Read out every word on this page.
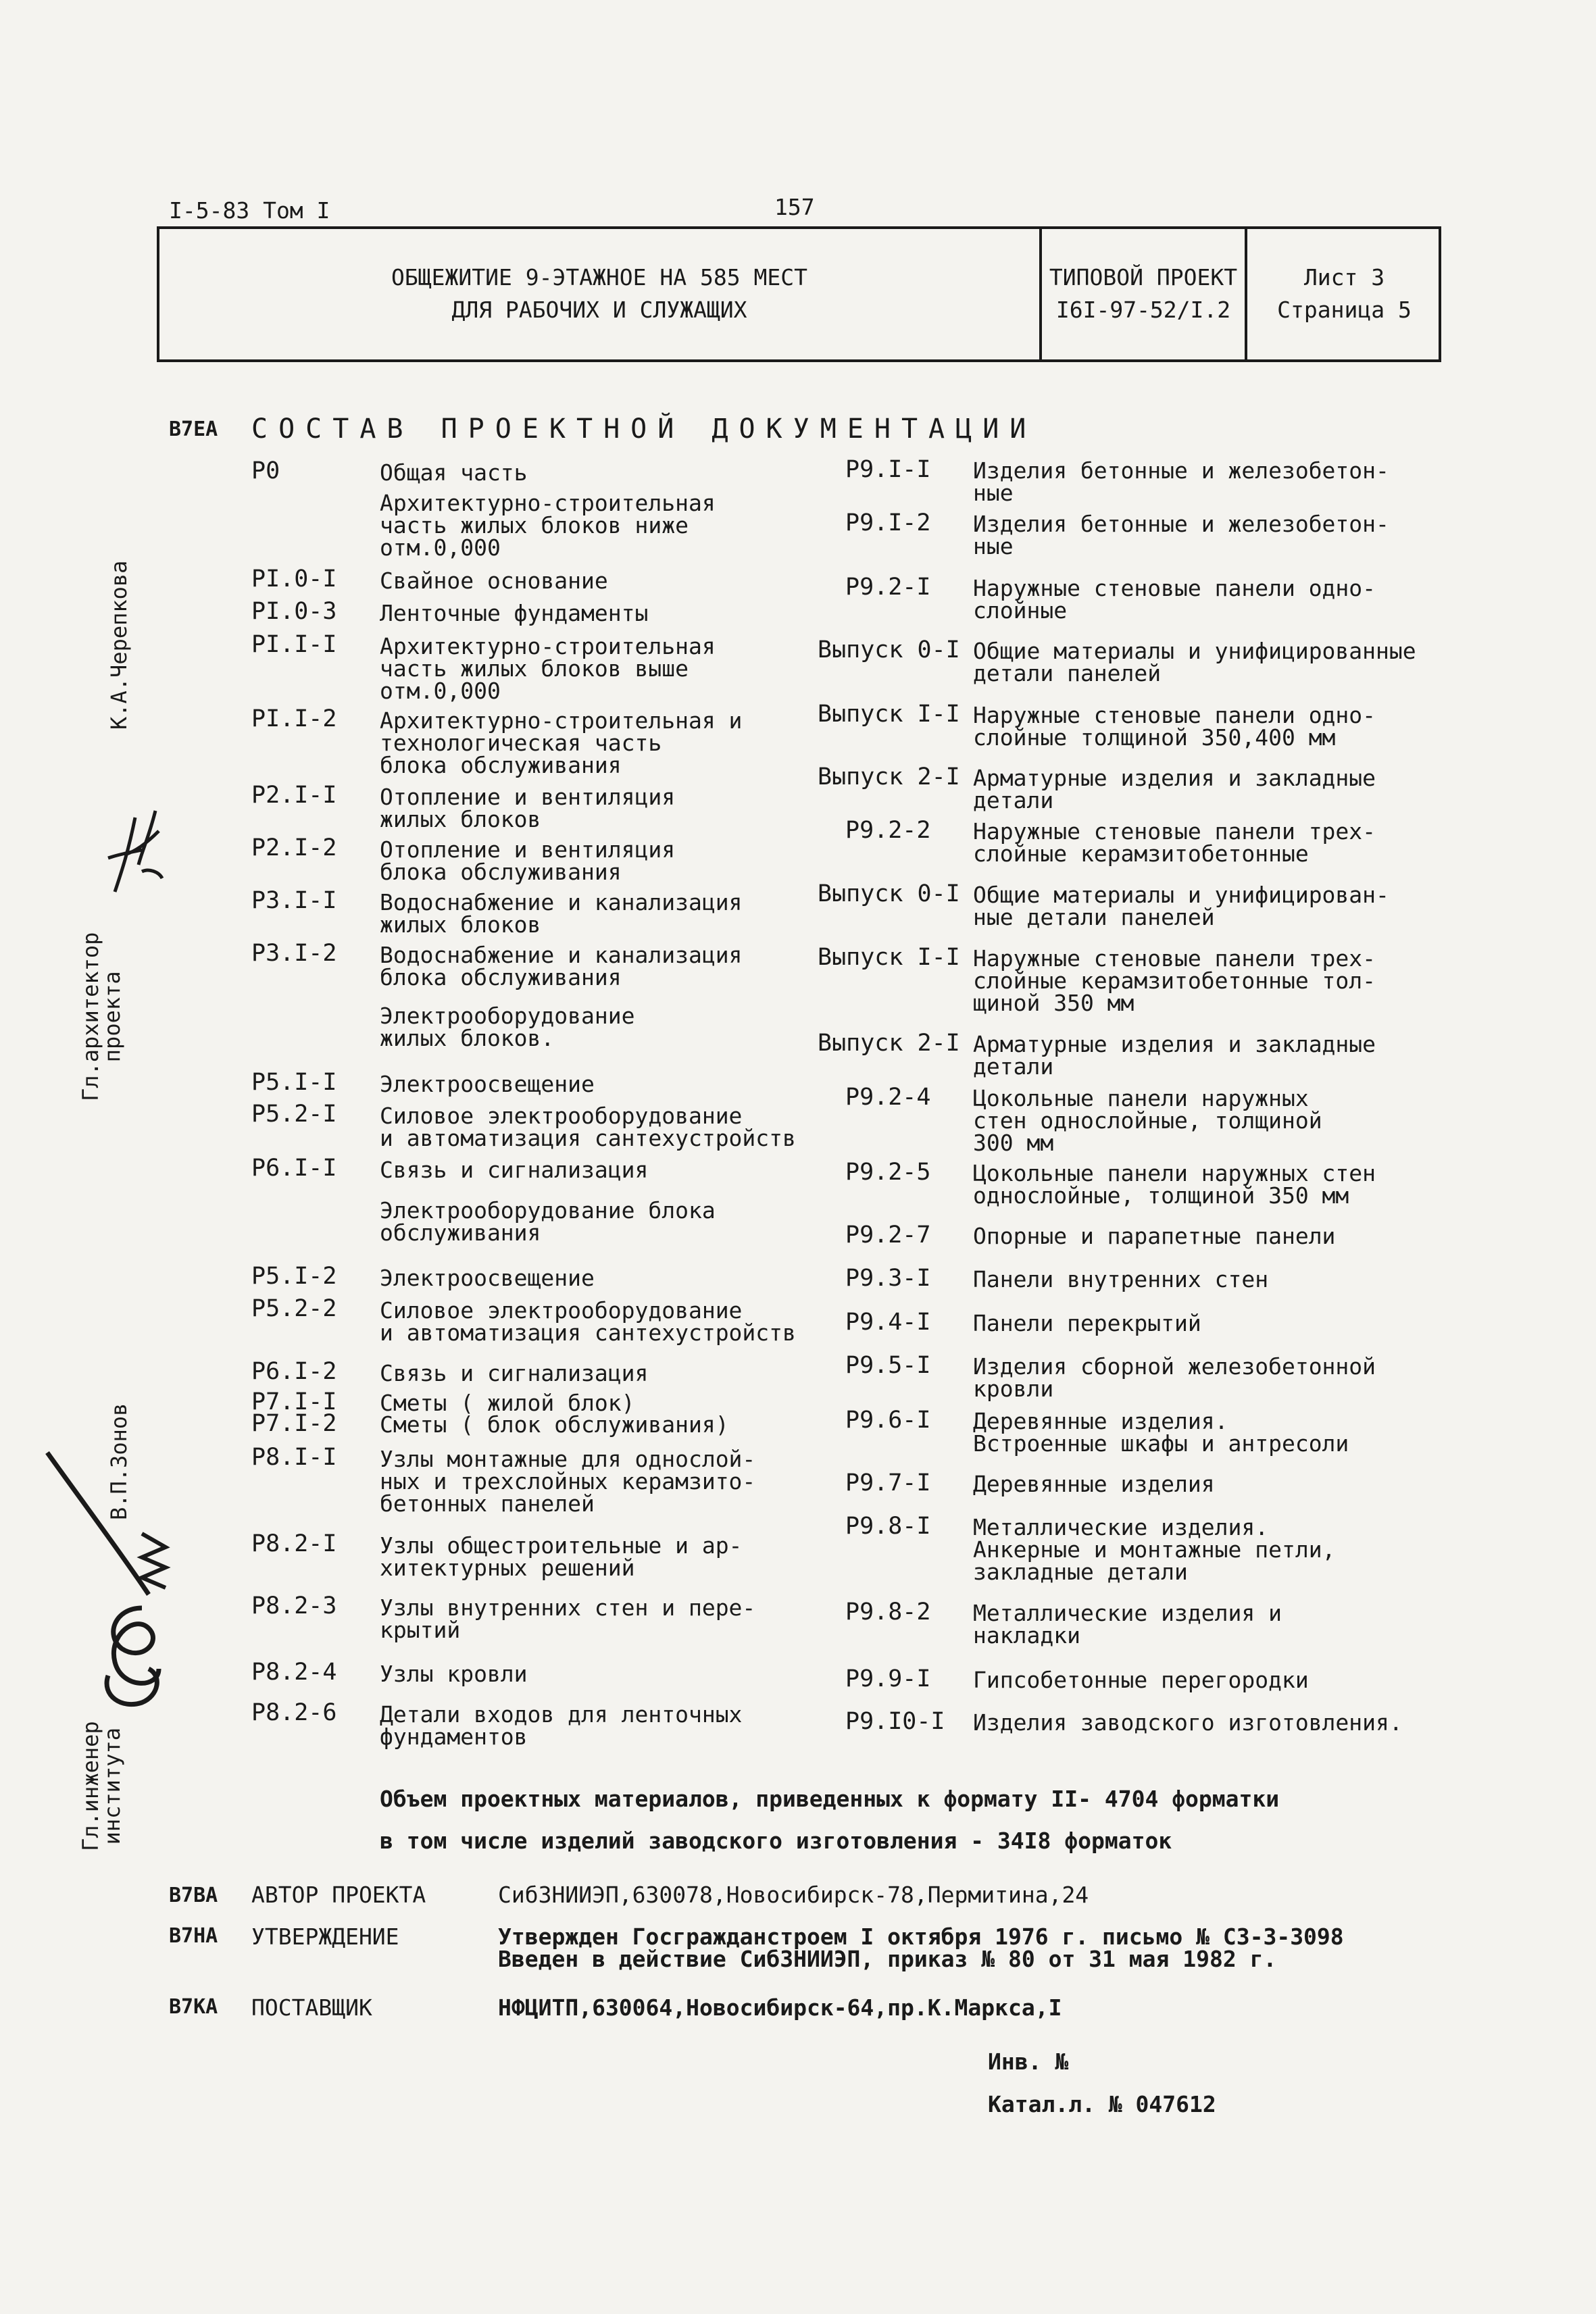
I-5-83 Том I	157
ОБЩЕЖИТИЕ 9-ЭТАЖНОЕ НА 585 МЕСТ
ДЛЯ РАБОЧИХ И СЛУЖАЩИХ
ТИПОВОЙ ПРОЕКТ
I6I-97-52/I.2
Лист 3
Страница 5
К.А.Черепкова
Гл.архитектор
проекта
В.П.Зонов
Гл.инженер
института
В7ЕА СОСТАВ ПРОЕКТНОЙ ДОКУМЕНТАЦИИ
Р0	Общая часть
Архитектурно-строительная
часть жилых блоков ниже
отм.0,000
PI.0-I Свайное основание
PI.0-3 Ленточные фундаменты
PI.I-I Архитектурно-строительная
часть жилых блоков выше
отм.0,000
PI.I-2 Архитектурно-строительная и
технологическая часть
блока обслуживания
P2.I-I Отопление и вентиляция
жилых блоков
P2.I-2 Отопление и вентиляция
блока обслуживания
P3.I-I Водоснабжение и канализация
жилых блоков
P3.I-2 Водоснабжение и канализация
блока обслуживания
Электрооборудование
жилых блоков.
P5.I-I Электроосвещение
P5.2-I Силовое электрооборудование
и автоматизация сантехустройств
P6.I-I Связь и сигнализация
Электрооборудование блока
обслуживания
P5.I-2 Электроосвещение
P5.2-2 Силовое электрооборудование
и автоматизация сантехустройств
P6.I-2 Связь и сигнализация
P7.I-I Сметы ( жилой блок)
P7.I-2 Сметы ( блок обслуживания)
P8.I-I Узлы монтажные для однослой-
ных и трехслойных керамзито-
бетонных панелей
P8.2-I Узлы общестроительные и ар-
хитектурных решений
P8.2-3 Узлы внутренних стен и пере-
крытий
P8.2-4 Узлы кровли
P8.2-6 Детали входов для ленточных
фундаментов
P9.I-I Изделия бетонные и железобетон-
ные
P9.I-2 Изделия бетонные и железобетон-
ные
P9.2-I Наружные стеновые панели одно-
слойные
Выпуск 0-I Общие материалы и унифицированные
детали панелей
Выпуск I-I Наружные стеновые панели одно-
слойные толщиной 350,400 мм
Выпуск 2-I Арматурные изделия и закладные
детали
P9.2-2 Наружные стеновые панели трех-
слойные керамзитобетонные
Выпуск 0-I Общие материалы и унифицирован-
ные детали панелей
Выпуск I-I Наружные стеновые панели трех-
слойные керамзитобетонные тол-
щиной 350 мм
Выпуск 2-I Арматурные изделия и закладные
детали
P9.2-4 Цокольные панели наружных
стен однослойные, толщиной
300 мм
P9.2-5 Цокольные панели наружных стен
однослойные, толщиной 350 мм
P9.2-7 Опорные и парапетные панели
P9.3-I Панели внутренних стен
P9.4-I Панели перекрытий
P9.5-I Изделия сборной железобетонной
кровли
P9.6-I Деревянные изделия.
Встроенные шкафы и антресоли
P9.7-I Деревянные изделия
P9.8-I Металлические изделия.
Анкерные и монтажные петли,
закладные детали
P9.8-2 Металлические изделия и
накладки
P9.9-I Гипсобетонные перегородки
P9.I0-I Изделия заводского изготовления.
Объем проектных материалов, приведенных к формату II- 4704 форматки
в том числе изделий заводского изготовления - 34I8 форматок
В7ВА АВТОР ПРОЕКТА	СибЗНИИЭП,630078,Новосибирск-78,Пермитина,24
В7НА УТВЕРЖДЕНИЕ	Утвержден Госгражданстроем I октября 1976 г. письмо № СЗ-3-3098
Введен в действие СибЗНИИЭП, приказ № 80 от 31 мая 1982 г.
В7КА ПОСТАВЩИК	НФЦИТП,630064,Новосибирск-64,пр.К.Маркса,I
Инв. №
Катал.л. № 047612
